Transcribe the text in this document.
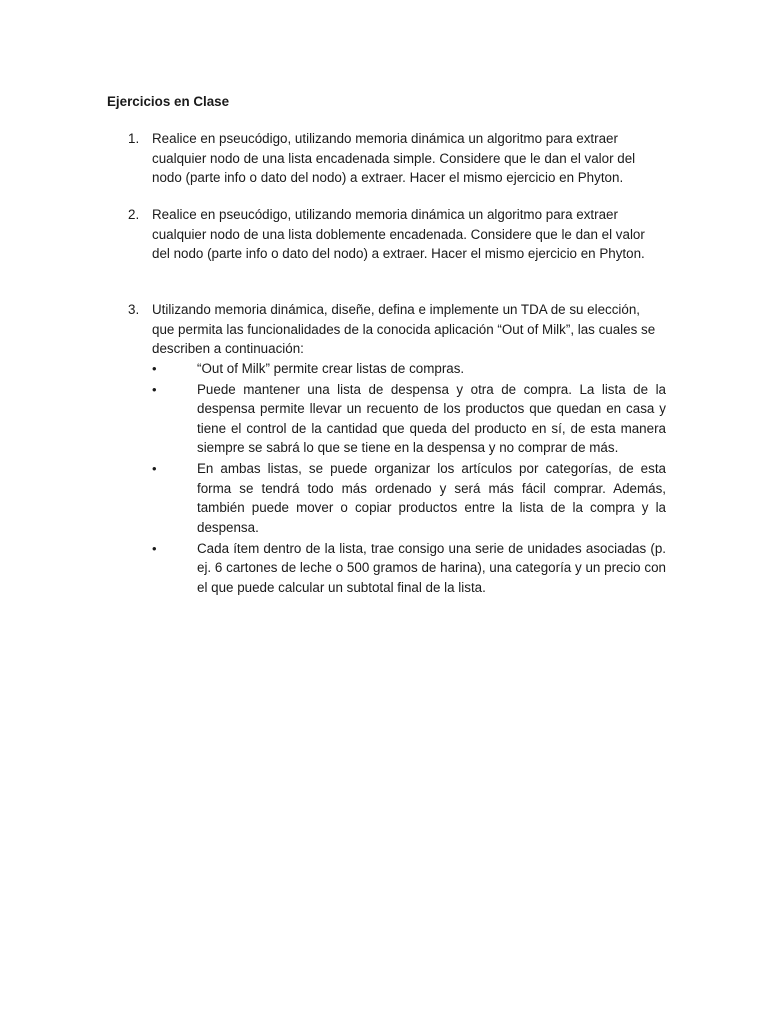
Ejercicios en Clase
1. Realice en pseucódigo, utilizando memoria dinámica un algoritmo para extraer cualquier nodo de una lista encadenada simple. Considere que le dan el valor del nodo (parte info o dato del nodo) a extraer. Hacer el mismo ejercicio en Phyton.
2. Realice en pseucódigo, utilizando memoria dinámica un algoritmo para extraer cualquier nodo de una lista doblemente encadenada. Considere que le dan el valor del nodo (parte info o dato del nodo) a extraer. Hacer el mismo ejercicio en Phyton.
3. Utilizando memoria dinámica, diseñe, defina e implemente un TDA de su elección, que permita las funcionalidades de la conocida aplicación “Out of Milk”, las cuales se describen a continuación:
•	“Out of Milk” permite crear listas de compras.
•	Puede mantener una lista de despensa y otra de compra. La lista de la despensa permite llevar un recuento de los productos que quedan en casa y tiene el control de la cantidad que queda del producto en sí, de esta manera siempre se sabrá lo que se tiene en la despensa y no comprar de más.
•	En ambas listas, se puede organizar los artículos por categorías, de esta forma se tendrá todo más ordenado y será más fácil comprar. Además, también puede mover o copiar productos entre la lista de la compra y la despensa.
•	Cada ítem dentro de la lista, trae consigo una serie de unidades asociadas (p. ej. 6 cartones de leche o 500 gramos de harina), una categoría y un precio con el que puede calcular un subtotal final de la lista.
